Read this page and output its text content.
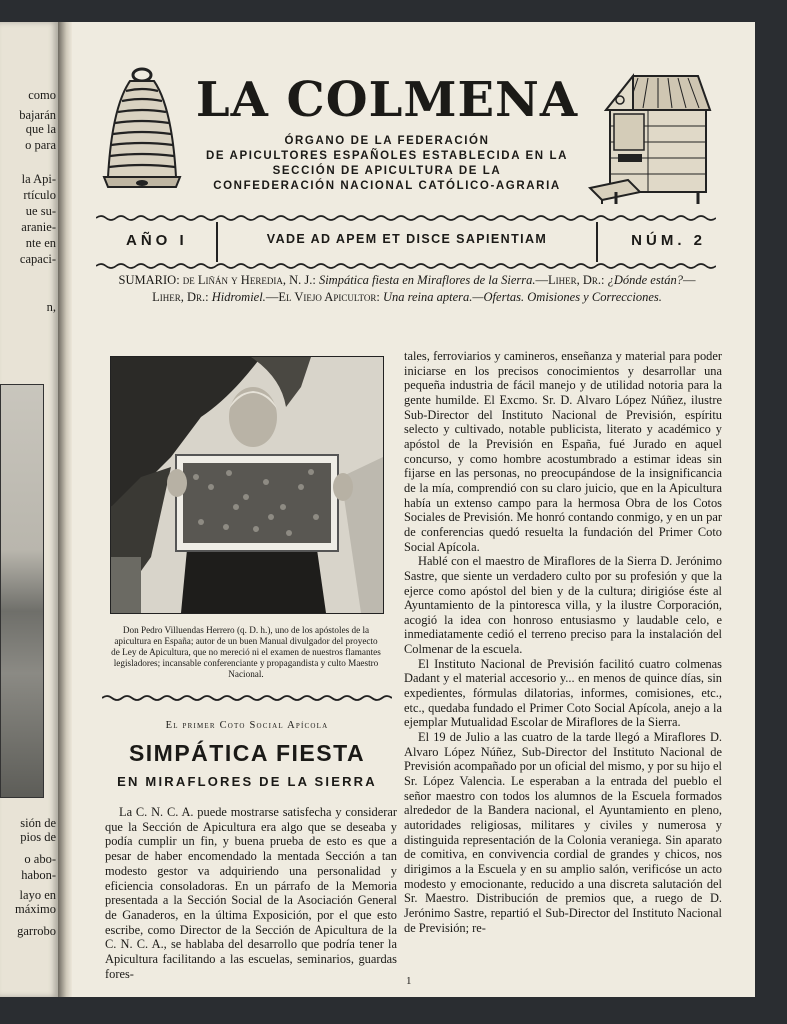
como
bajarán
que la
o para
la Api-
rtículo
ue su-
aranie-
nte en
capaci-
n,
sión de
pios de
o abo-
habon-
layo en
máximo
garrobo
LA COLMENA
ÓRGANO DE LA FEDERACIÓN
DE APICULTORES ESPAÑOLES ESTABLECIDA EN LA
SECCIÓN DE APICULTURA DE LA
CONFEDERACIÓN NACIONAL CATÓLICO-AGRARIA
AÑO I	VADE AD APEM ET DISCE SAPIENTIAM	NÚM. 2
SUMARIO: de Liñán y Heredia, N. J.: Simpática fiesta en Miraflores de la Sierra.—Liher, Dr.: ¿Dónde están?—Liher, Dr.: Hidromiel.—El Viejo Apicultor: Una reina aptera.—Ofertas. Omisiones y Correcciones.
Don Pedro Villuendas Herrero (q. D. h.), uno de los apóstoles de la apicultura en España; autor de un buen Manual divulgador del proyecto de Ley de Apicultura, que no mereció ni el examen de nuestros flamantes legisladores; incansable conferenciante y propagandista y culto Maestro Nacional.
El primer Coto Social Apícola
SIMPÁTICA FIESTA
EN MIRAFLORES DE LA SIERRA

La C. N. C. A. puede mostrarse satisfecha y considerar que la Sección de Apicultura era algo que se deseaba y podía cumplir un fin, y buena prueba de esto es que a pesar de haber encomendado la mentada Sección a tan modesto gestor va adquiriendo una personalidad y eficiencia consoladoras. En un párrafo de la Memoria presentada a la Sección Social de la Asociación General de Ganaderos, en la última Exposición, por el que esto escribe, como Director de la Sección de Apicultura de la C. N. C. A., se hablaba del desarrollo que podría tener la Apicultura facilitando a las escuelas, seminarios, guardas fores-

tales, ferroviarios y camineros, enseñanza y material para poder iniciarse en los precisos conocimientos y desarrollar una pequeña industria de fácil manejo y de utilidad notoria para la gente humilde. El Excmo. Sr. D. Alvaro López Núñez, ilustre Sub-Director del Instituto Nacional de Previsión, espíritu selecto y cultivado, notable publicista, literato y académico y apóstol de la Previsión en España, fué Jurado en aquel concurso, y como hombre acostumbrado a estimar ideas sin fijarse en las personas, no preocupándose de la insignificancia de la mía, comprendió con su claro juicio, que en la Apicultura había un extenso campo para la hermosa Obra de los Cotos Sociales de Previsión. Me honró contando conmigo, y en un par de conferencias quedó resuelta la fundación del Primer Coto Social Apícola.

Hablé con el maestro de Miraflores de la Sierra D. Jerónimo Sastre, que siente un verdadero culto por su profesión y que la ejerce como apóstol del bien y de la cultura; dirigióse éste al Ayuntamiento de la pintoresca villa, y la ilustre Corporación, acogió la idea con honroso entusiasmo y laudable celo, e inmediatamente cedió el terreno preciso para la instalación del Colmenar de la escuela.

El Instituto Nacional de Previsión facilitó cuatro colmenas Dadant y el material accesorio y... en menos de quince días, sin expedientes, fórmulas dilatorias, informes, comisiones, etc., etc., quedaba fundado el Primer Coto Social Apícola, anejo a la ejemplar Mutualidad Escolar de Miraflores de la Sierra.

El 19 de Julio a las cuatro de la tarde llegó a Miraflores D. Alvaro López Núñez, Sub-Director del Instituto Nacional de Previsión acompañado por un oficial del mismo, y por su hijo el Sr. López Valencia. Le esperaban a la entrada del pueblo el señor maestro con todos los alumnos de la Escuela formados alrededor de la Bandera nacional, el Ayuntamiento en pleno, autoridades religiosas, militares y civiles y numerosa y distinguida representación de la Colonia veraniega. Sin aparato de comitiva, en convivencia cordial de grandes y chicos, nos dirigimos a la Escuela y en su amplio salón, verificóse un acto modesto y emocionante, reducido a una discreta salutación del Sr. Maestro. Distribución de premios que, a ruego de D. Jerónimo Sastre, repartió el Sub-Director del Instituto Nacional de Previsión; re-

1
